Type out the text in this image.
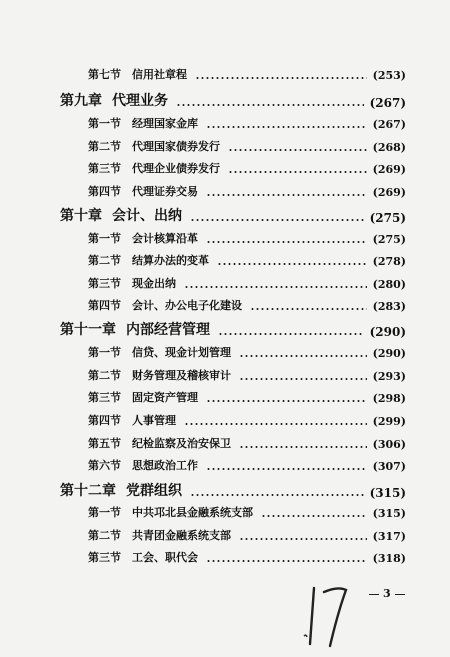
第七节	信用社章程	(253)
第九章 代理业务	(267)
第一节	经理国家金库	(267)
第二节	代理国家债券发行	(268)
第三节	代理企业债券发行	(269)
第四节	代理证券交易	(269)
第十章 会计、出纳	(275)
第一节	会计核算沿革	(275)
第二节	结算办法的变革	(278)
第三节	现金出纳	(280)
第四节	会计、办公电子化建设	(283)
第十一章 内部经营管理	(290)
第一节	信贷、现金计划管理	(290)
第二节	财务管理及稽核审计	(293)
第三节	固定资产管理	(298)
第四节	人事管理	(299)
第五节	纪检监察及治安保卫	(306)
第六节	思想政治工作	(307)
第十二章 党群组织	(315)
第一节	中共邛北县金融系统支部	(315)
第二节	共青团金融系统支部	(317)
第三节	工会、职代会	(318)
3
